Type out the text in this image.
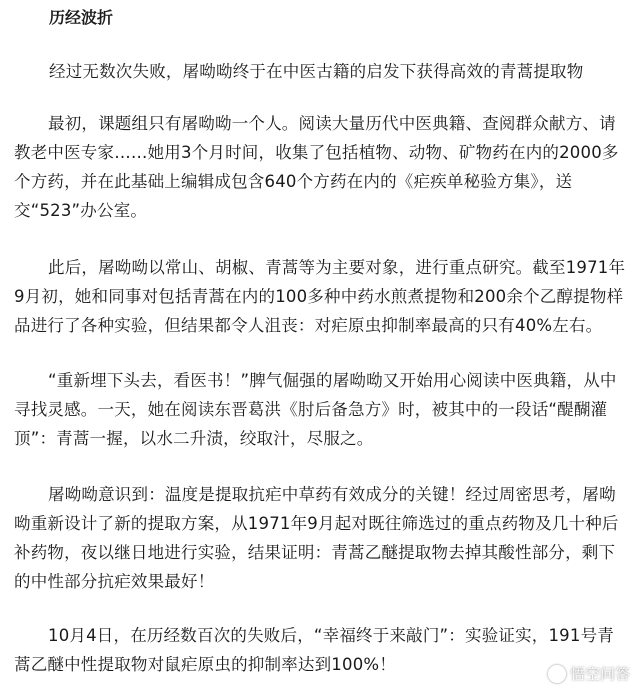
历经波折

经过无数次失败，屠呦呦终于在中医古籍的启发下获得高效的青蒿提取物

最初，课题组只有屠呦呦一个人。阅读大量历代中医典籍、查阅群众献方、请教老中医专家……她用3个月时间，收集了包括植物、动物、矿物药在内的2000多个方药，并在此基础上编辑成包含640个方药在内的《疟疾单秘验方集》，送交“523”办公室。

此后，屠呦呦以常山、胡椒、青蒿等为主要对象，进行重点研究。截至1971年9月初，她和同事对包括青蒿在内的100多种中药水煎煮提物和200余个乙醇提物样品进行了各种实验，但结果都令人沮丧：对疟原虫抑制率最高的只有40%左右。

“重新埋下头去，看医书！”脾气倔强的屠呦呦又开始用心阅读中医典籍，从中寻找灵感。一天，她在阅读东晋葛洪《肘后备急方》时，被其中的一段话“醍醐灌顶”：青蒿一握，以水二升渍，绞取汁，尽服之。

屠呦呦意识到：温度是提取抗疟中草药有效成分的关键！经过周密思考，屠呦呦重新设计了新的提取方案，从1971年9月起对既往筛选过的重点药物及几十种后补药物，夜以继日地进行实验，结果证明：青蒿乙醚提取物去掉其酸性部分，剩下的中性部分抗疟效果最好！

10月4日，在历经数百次的失败后，“幸福终于来敲门”：实验证实，191号青蒿乙醚中性提取物对鼠疟原虫的抑制率达到100%！	悟空问答
